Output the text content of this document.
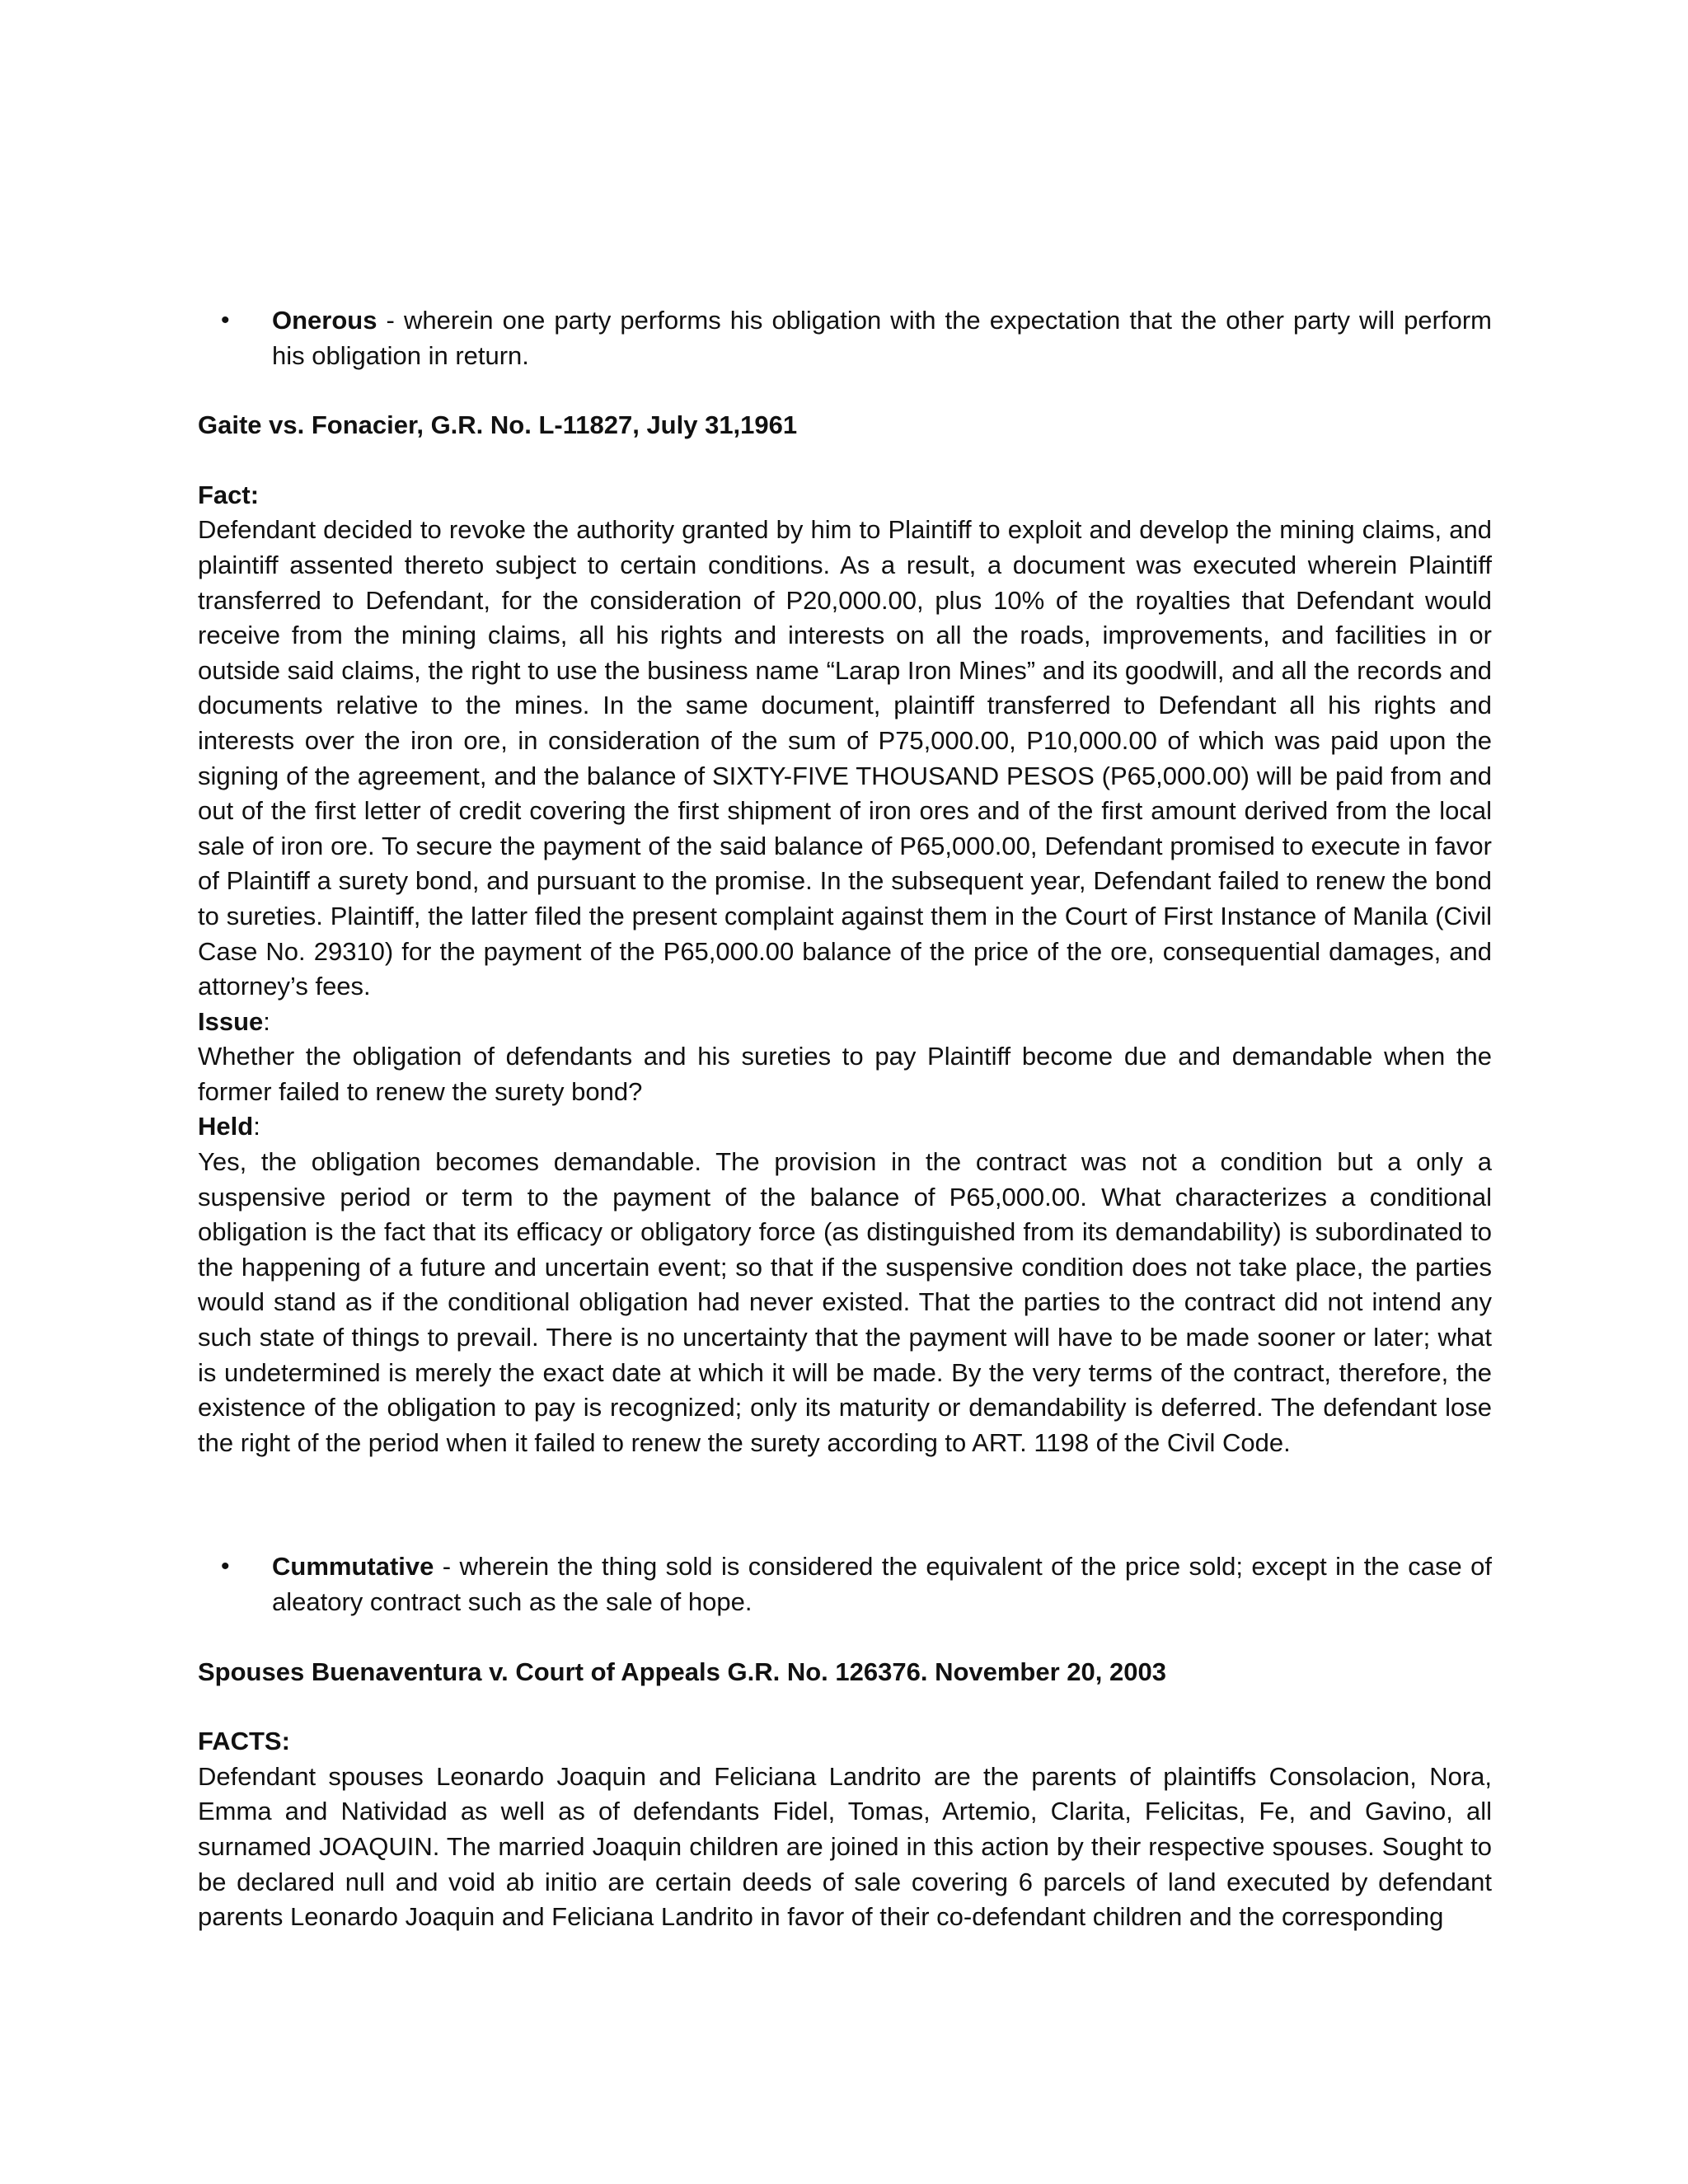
• Onerous - wherein one party performs his obligation with the expectation that the other party will perform his obligation in return.
Gaite vs. Fonacier, G.R. No. L-11827, July 31,1961
Fact:
Defendant decided to revoke the authority granted by him to Plaintiff to exploit and develop the mining claims, and plaintiff assented thereto subject to certain conditions. As a result, a document was executed wherein Plaintiff transferred to Defendant, for the consideration of P20,000.00, plus 10% of the royalties that Defendant would receive from the mining claims, all his rights and interests on all the roads, improvements, and facilities in or outside said claims, the right to use the business name “Larap Iron Mines” and its goodwill, and all the records and documents relative to the mines. In the same document, plaintiff transferred to Defendant all his rights and interests over the iron ore, in consideration of the sum of P75,000.00, P10,000.00 of which was paid upon the signing of the agreement, and the balance of SIXTY-FIVE THOUSAND PESOS (P65,000.00) will be paid from and out of the first letter of credit covering the first shipment of iron ores and of the first amount derived from the local sale of iron ore. To secure the payment of the said balance of P65,000.00, Defendant promised to execute in favor of Plaintiff a surety bond, and pursuant to the promise. In the subsequent year, Defendant failed to renew the bond to sureties. Plaintiff, the latter filed the present complaint against them in the Court of First Instance of Manila (Civil Case No. 29310) for the payment of the P65,000.00 balance of the price of the ore, consequential damages, and attorney’s fees.
Issue:
Whether the obligation of defendants and his sureties to pay Plaintiff become due and demandable when the former failed to renew the surety bond?
Held:
Yes, the obligation becomes demandable. The provision in the contract was not a condition but a only a suspensive period or term to the payment of the balance of P65,000.00. What characterizes a conditional obligation is the fact that its efficacy or obligatory force (as distinguished from its demandability) is subordinated to the happening of a future and uncertain event; so that if the suspensive condition does not take place, the parties would stand as if the conditional obligation had never existed. That the parties to the contract did not intend any such state of things to prevail. There is no uncertainty that the payment will have to be made sooner or later; what is undetermined is merely the exact date at which it will be made. By the very terms of the contract, therefore, the existence of the obligation to pay is recognized; only its maturity or demandability is deferred. The defendant lose the right of the period when it failed to renew the surety according to ART. 1198 of the Civil Code.
• Cummutative - wherein the thing sold is considered the equivalent of the price sold; except in the case of aleatory contract such as the sale of hope.
Spouses Buenaventura v. Court of Appeals G.R. No. 126376. November 20, 2003
FACTS:
Defendant spouses Leonardo Joaquin and Feliciana Landrito are the parents of plaintiffs Consolacion, Nora, Emma and Natividad as well as of defendants Fidel, Tomas, Artemio, Clarita, Felicitas, Fe, and Gavino, all surnamed JOAQUIN. The married Joaquin children are joined in this action by their respective spouses. Sought to be declared null and void ab initio are certain deeds of sale covering 6 parcels of land executed by defendant parents Leonardo Joaquin and Feliciana Landrito in favor of their co-defendant children and the corresponding
